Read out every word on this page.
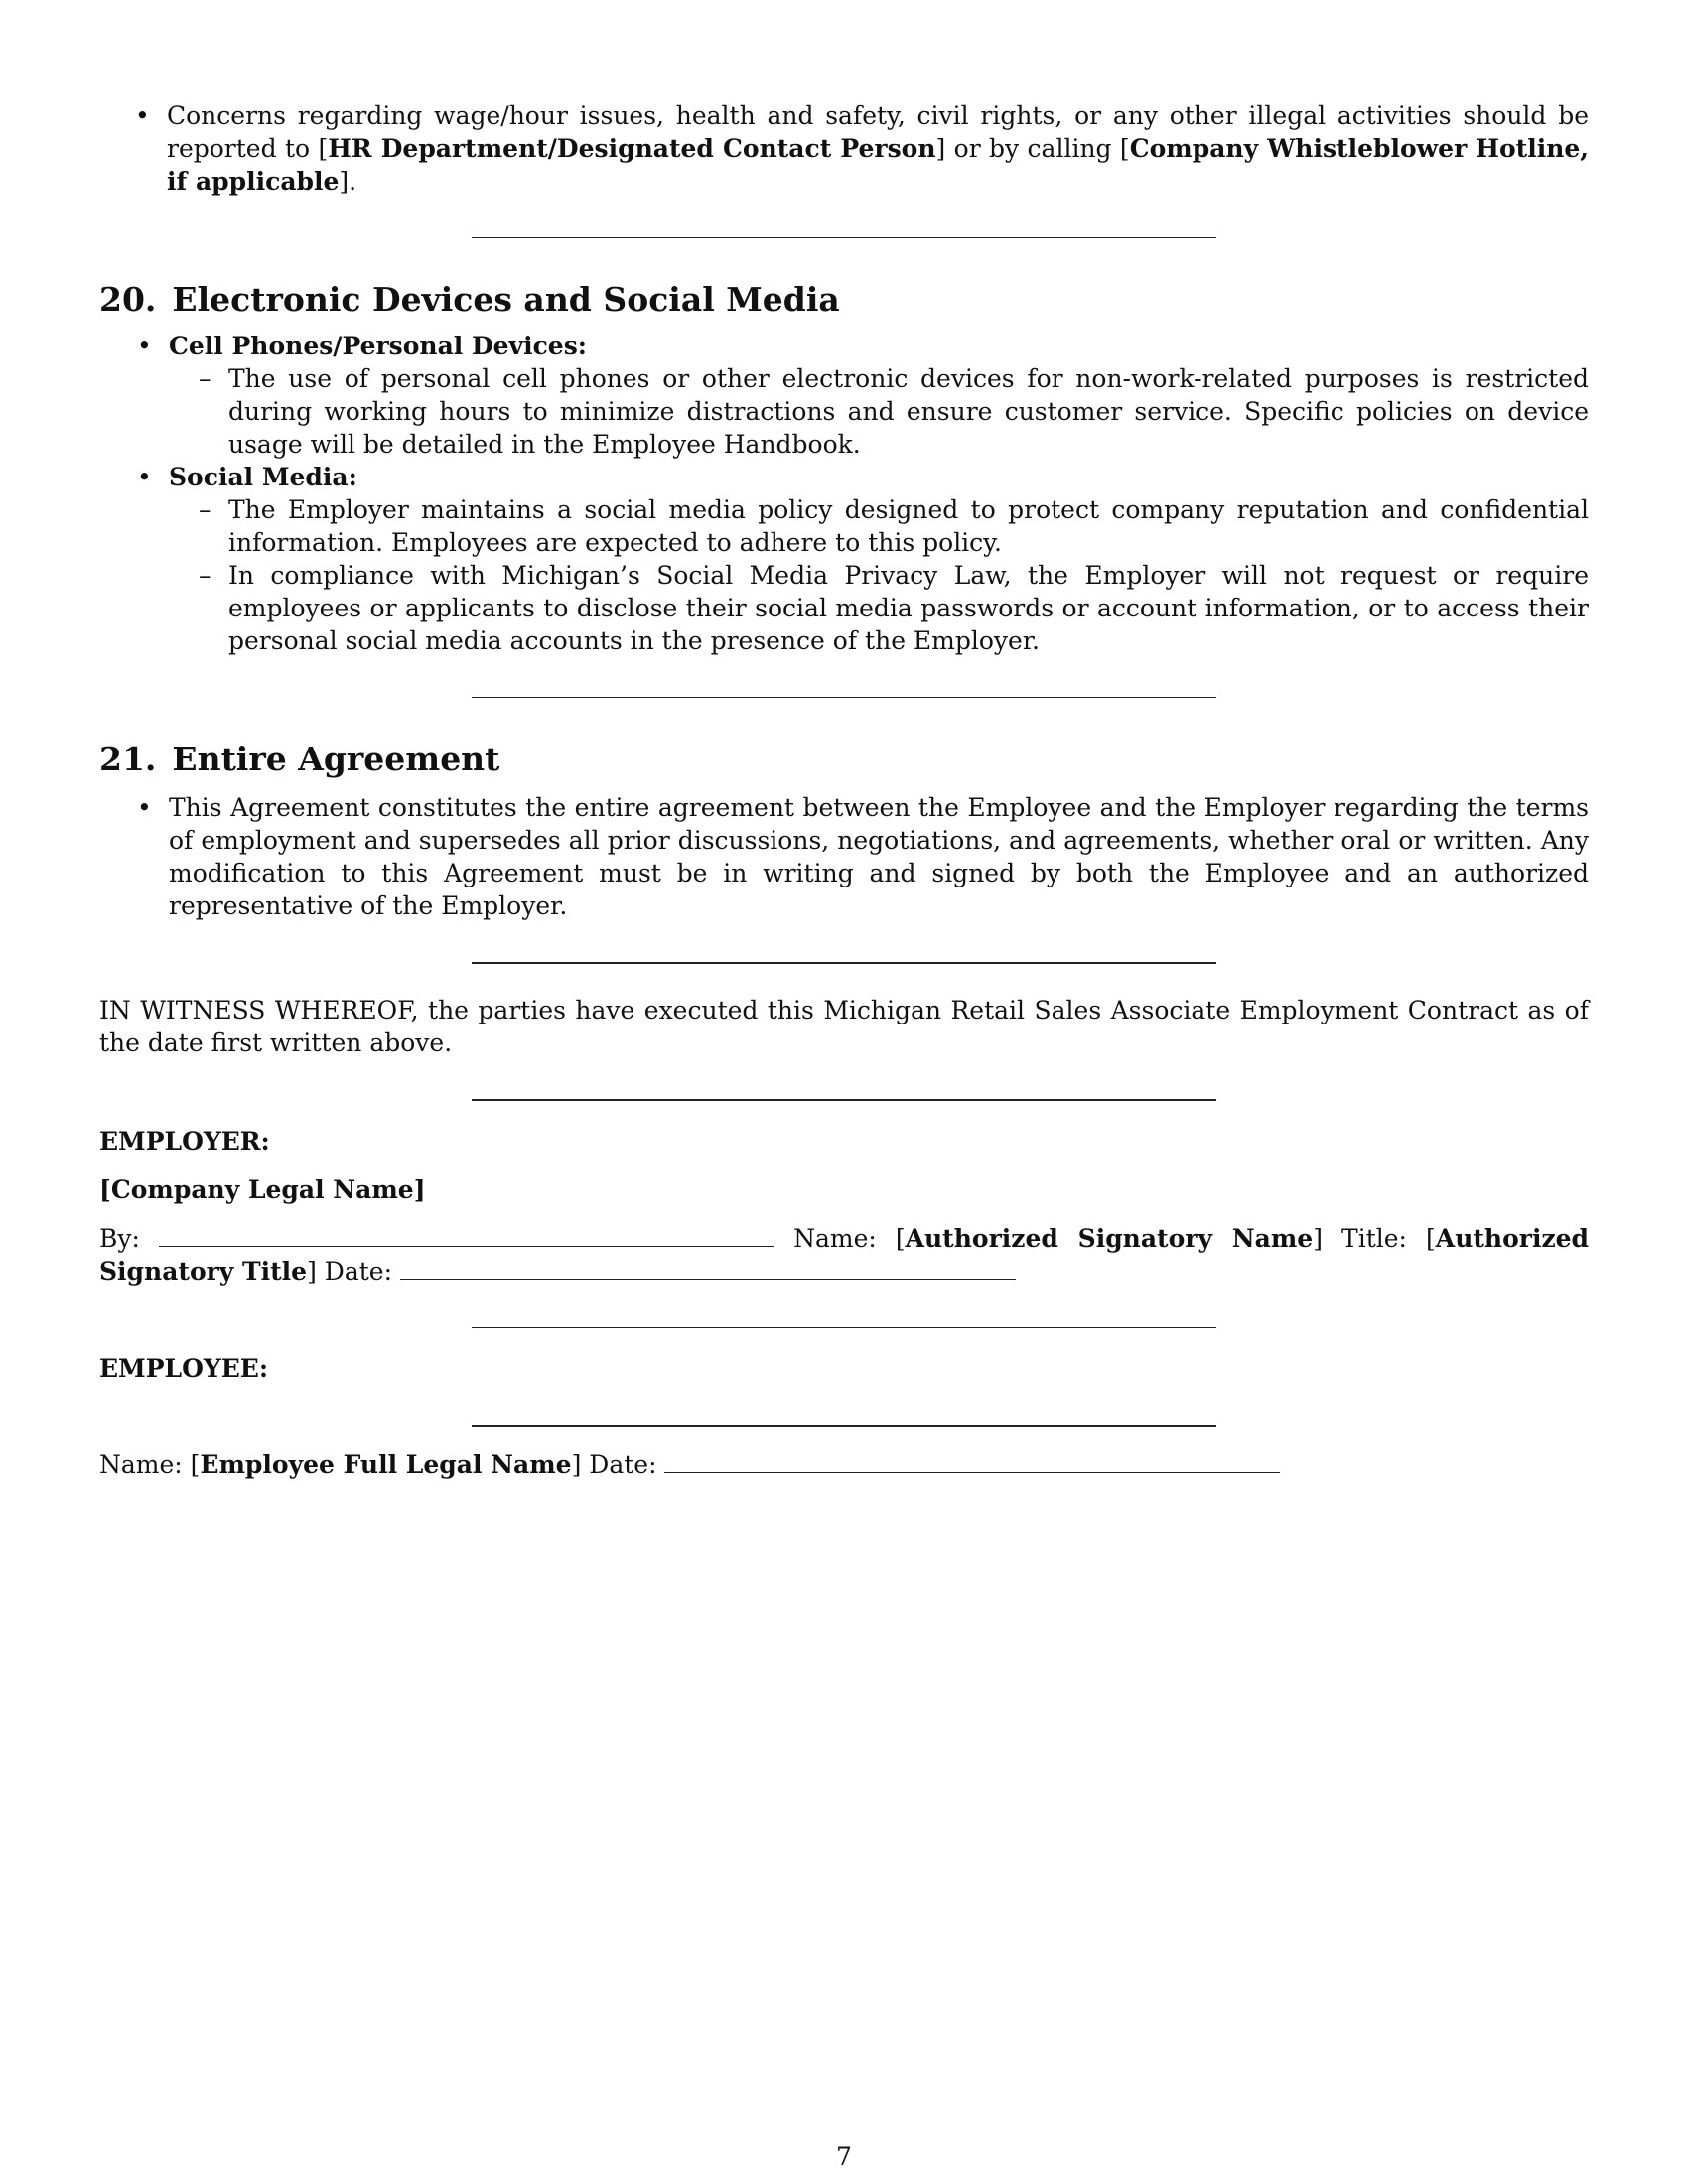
• Concerns regarding wage/hour issues, health and safety, civil rights, or any other illegal activities should be reported to [HR Department/Designated Contact Person] or by calling [Company Whistleblower Hotline, if applicable].
20. Electronic Devices and Social Media
• Cell Phones/Personal Devices:
– The use of personal cell phones or other electronic devices for non-work-related purposes is restricted during working hours to minimize distractions and ensure customer service. Specific policies on device usage will be detailed in the Employee Handbook.
• Social Media:
– The Employer maintains a social media policy designed to protect company reputation and confidential information. Employees are expected to adhere to this policy.
– In compliance with Michigan’s Social Media Privacy Law, the Employer will not request or require employees or applicants to disclose their social media passwords or account information, or to access their personal social media accounts in the presence of the Employer.
21. Entire Agreement
• This Agreement constitutes the entire agreement between the Employee and the Employer regarding the terms of employment and supersedes all prior discussions, negotiations, and agreements, whether oral or written. Any modification to this Agreement must be in writing and signed by both the Employee and an authorized representative of the Employer.

IN WITNESS WHEREOF, the parties have executed this Michigan Retail Sales Associate Employment Contract as of the date first written above.

EMPLOYER:

[Company Legal Name]

By:	Name: [Authorized Signatory Name] Title: [Authorized Signatory Title] Date:

EMPLOYEE:

Name: [Employee Full Legal Name] Date:

7
